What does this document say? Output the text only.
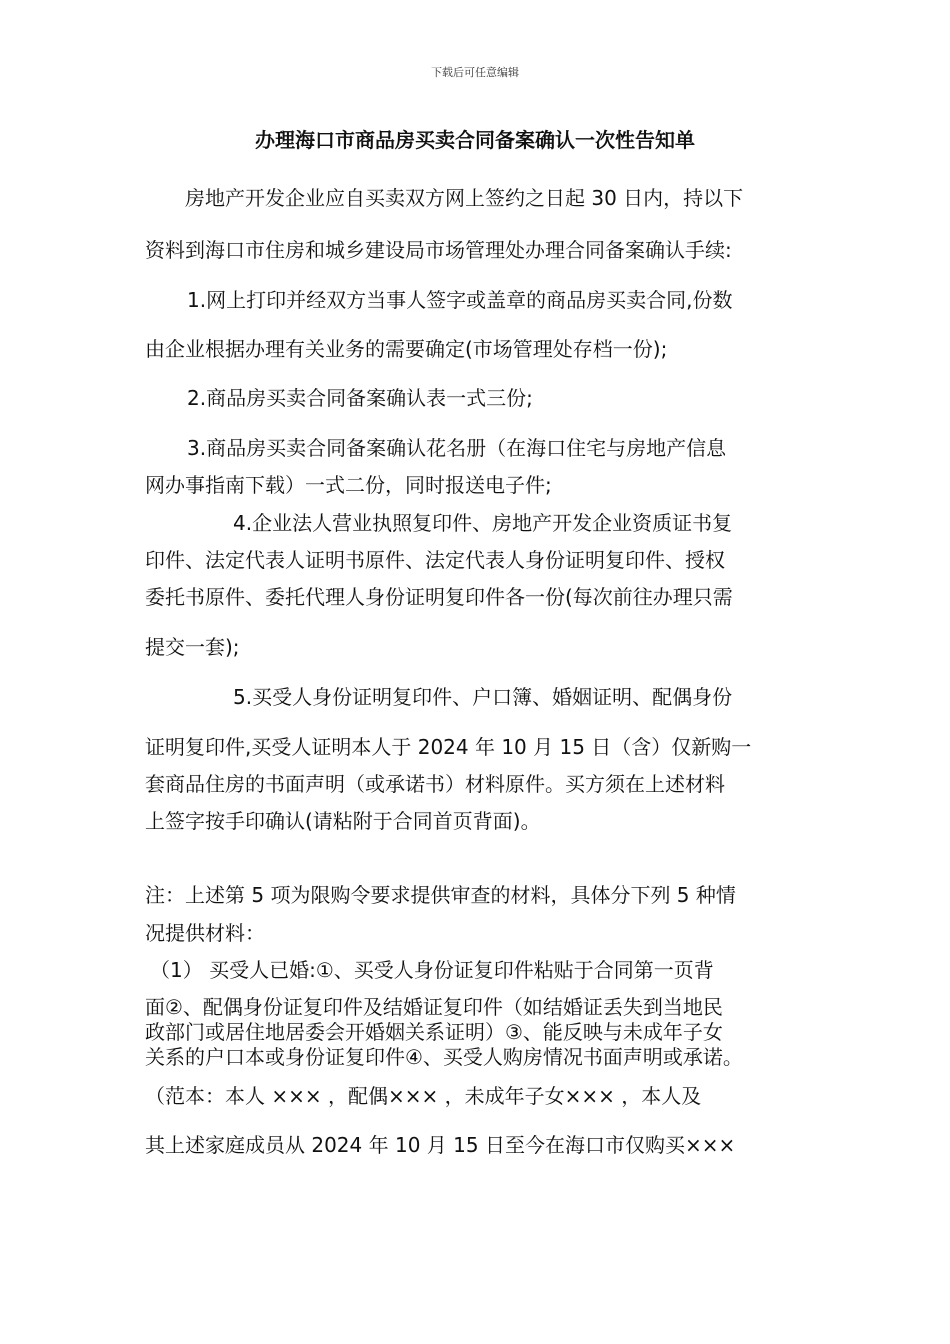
下载后可任意编辑
办理海口市商品房买卖合同备案确认一次性告知单
房地产开发企业应自买卖双方网上签约之日起 30 日内，持以下
资料到海口市住房和城乡建设局市场管理处办理合同备案确认手续:
1.网上打印并经双方当事人签字或盖章的商品房买卖合同,份数
由企业根据办理有关业务的需要确定(市场管理处存档一份);
2.商品房买卖合同备案确认表一式三份;
3.商品房买卖合同备案确认花名册（在海口住宅与房地产信息
网办事指南下载）一式二份，同时报送电子件;
4.企业法人营业执照复印件、房地产开发企业资质证书复
印件、法定代表人证明书原件、法定代表人身份证明复印件、授权
委托书原件、委托代理人身份证明复印件各一份(每次前往办理只需
提交一套);
5.买受人身份证明复印件、户口簿、婚姻证明、配偶身份
证明复印件,买受人证明本人于 2024 年 10 月 15 日（含）仅新购一
套商品住房的书面声明（或承诺书）材料原件。买方须在上述材料
上签字按手印确认(请粘附于合同首页背面)。
注：上述第 5 项为限购令要求提供审查的材料，具体分下列 5 种情
况提供材料：
（1） 买受人已婚:①、买受人身份证复印件粘贴于合同第一页背
面②、配偶身份证复印件及结婚证复印件（如结婚证丢失到当地民
政部门或居住地居委会开婚姻关系证明）③、能反映与未成年子女
关系的户口本或身份证复印件④、买受人购房情况书面声明或承诺。
（范本：本人 ××× ，配偶××× ，未成年子女××× ，本人及
其上述家庭成员从 2024 年 10 月 15 日至今在海口市仅购买×××
